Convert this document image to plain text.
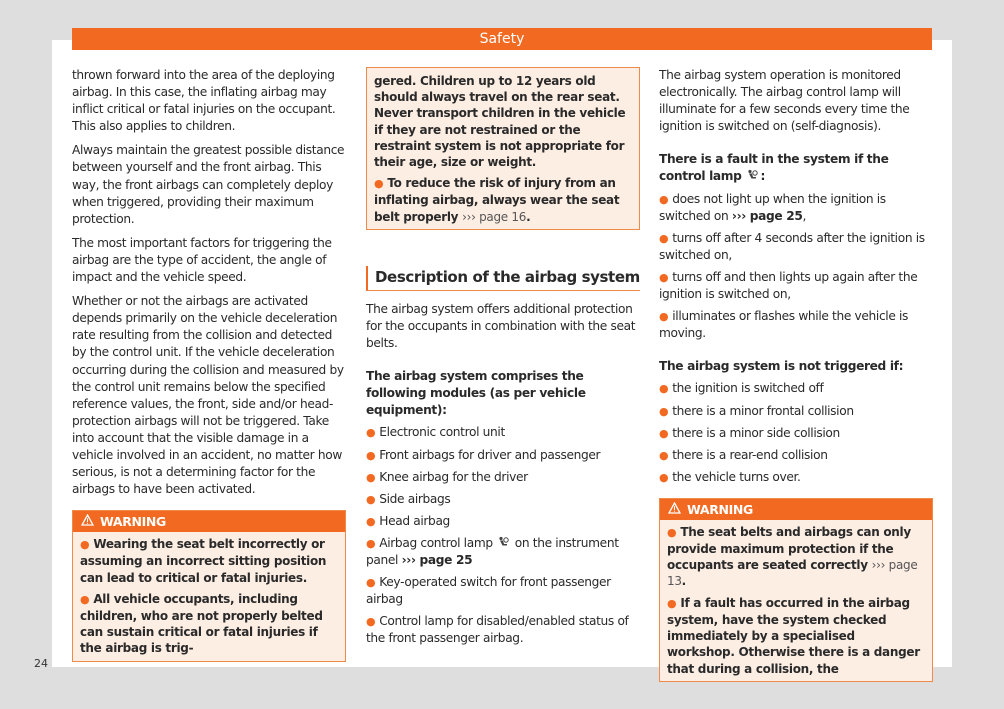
Safety

thrown forward into the area of the deploying airbag. In this case, the inflating airbag may inflict critical or fatal injuries on the occupant. This also applies to children.

Always maintain the greatest possible distance between yourself and the front airbag. This way, the front airbags can completely deploy when triggered, providing their maximum protection.

The most important factors for triggering the airbag are the type of accident, the angle of impact and the vehicle speed.

Whether or not the airbags are activated depends primarily on the vehicle deceleration rate resulting from the collision and detected by the control unit. If the vehicle deceleration occurring during the collision and measured by the control unit remains below the specified reference values, the front, side and/or head-protection airbags will not be triggered. Take into account that the visible damage in a vehicle involved in an accident, no matter how serious, is not a determining factor for the airbags to have been activated.

WARNING

● Wearing the seat belt incorrectly or assuming an incorrect sitting position can lead to critical or fatal injuries.

● All vehicle occupants, including children, who are not properly belted can sustain critical or fatal injuries if the airbag is trig-

gered. Children up to 12 years old should always travel on the rear seat. Never transport children in the vehicle if they are not restrained or the restraint system is not appropriate for their age, size or weight.

● To reduce the risk of injury from an inflating airbag, always wear the seat belt properly ››› page 16.

Description of the airbag system

The airbag system offers additional protection for the occupants in combination with the seat belts.

The airbag system comprises the following modules (as per vehicle equipment):

● Electronic control unit

● Front airbags for driver and passenger

● Knee airbag for the driver

● Side airbags

● Head airbag

● Airbag control lamp on the instrument panel ››› page 25

● Key-operated switch for front passenger airbag

● Control lamp for disabled/enabled status of the front passenger airbag.

The airbag system operation is monitored electronically. The airbag control lamp will illuminate for a few seconds every time the ignition is switched on (self-diagnosis).

There is a fault in the system if the control lamp :

● does not light up when the ignition is switched on ››› page 25,

● turns off after 4 seconds after the ignition is switched on,

● turns off and then lights up again after the ignition is switched on,

● illuminates or flashes while the vehicle is moving.

The airbag system is not triggered if:

● the ignition is switched off

● there is a minor frontal collision

● there is a minor side collision

● there is a rear-end collision

● the vehicle turns over.

WARNING

● The seat belts and airbags can only provide maximum protection if the occupants are seated correctly ››› page 13.

● If a fault has occurred in the airbag system, have the system checked immediately by a specialised workshop. Otherwise there is a danger that during a collision, the

24
